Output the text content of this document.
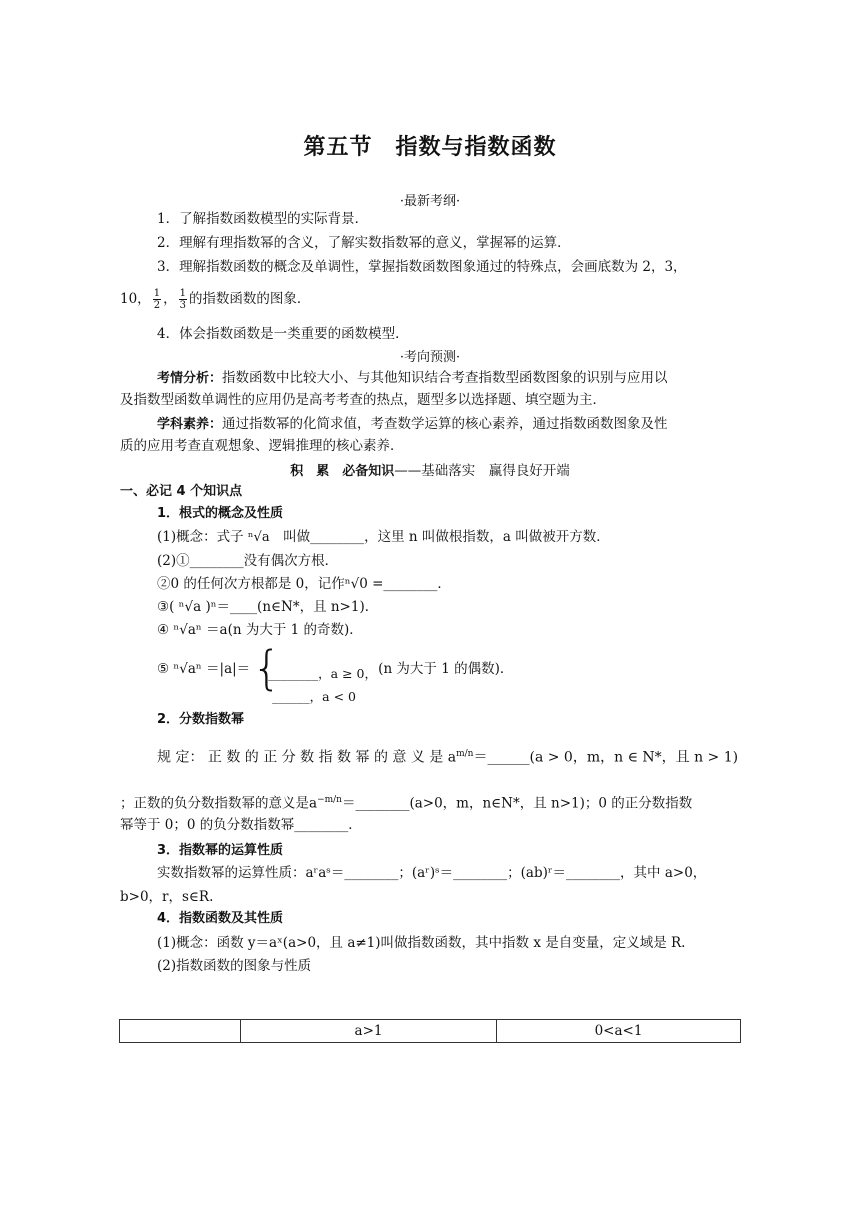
第五节　指数与指数函数
·最新考纲·
1．了解指数函数模型的实际背景．
2．理解有理指数幂的含义，了解实数指数幂的意义，掌握幂的运算．
3．理解指数函数的概念及单调性，掌握指数函数图象通过的特殊点，会画底数为 2，3，
10， $\frac{1}{2}$ ， $\frac{1}{3}$ 的指数函数的图象．
4．体会指数函数是一类重要的函数模型．
·考向预测·
考情分析：指数函数中比较大小、与其他知识结合考查指数型函数图象的识别与应用以
及指数型函数单调性的应用仍是高考考查的热点，题型多以选择题、填空题为主．
学科素养：通过指数幂的化简求值，考查数学运算的核心素养，通过指数函数图象及性
质的应用考查直观想象、逻辑推理的核心素养．
积　累　必备知识——基础落实　赢得良好开端
一、必记 4 个知识点
1．根式的概念及性质
(1)概念：式子 ⁿ√a　叫做________，这里 n 叫做根指数，a 叫做被开方数．
(2)①________没有偶次方根．
②0 的任何次方根都是 0，记作ⁿ√0 =________．
③( ⁿ√a )ⁿ＝____(n∈N*，且 n>1)．
④ ⁿ√aⁿ ＝a(n 为大于 1 的奇数)．
⑤ ⁿ√aⁿ ＝|a|＝ {
________，a ≥ 0，
______，a < 0
(n 为大于 1 的偶数)．
2．分数指数幂
规 定： 正 数 的 正 分 数 指 数 幂 的 意 义 是 $a^{m/n}=\_\_\_\_\_\_(a > 0$，m，n ∈ N*，且 n > 1)
；正数的负分数指数幂的意义是$a^{-m/n}=\_\_\_\_\_\_\_\_(a>0$，m，n∈N*，且 n>1)；0 的正分数指数
幂等于 0；0 的负分数指数幂________．
3．指数幂的运算性质
实数指数幂的运算性质：aʳaˢ＝________；(aʳ)ˢ＝________；(ab)ʳ＝________，其中 a>0，
b>0，r，s∈R.
4．指数函数及其性质
(1)概念：函数 y＝aˣ(a>0，且 a≠1)叫做指数函数，其中指数 x 是自变量，定义域是 R.
(2)指数函数的图象与性质
	a>1	0<a<1
